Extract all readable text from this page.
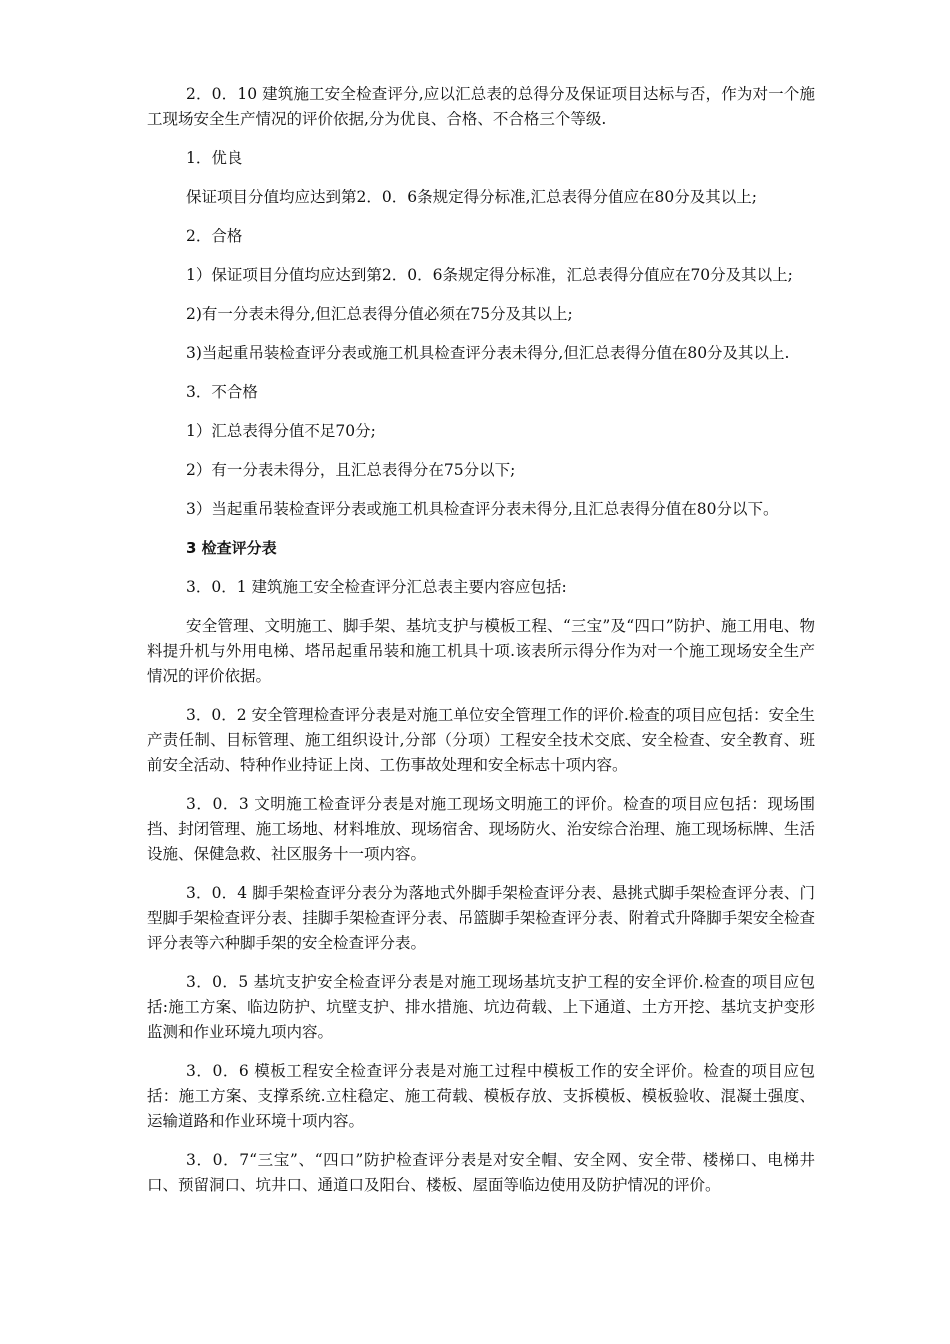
2．0．10 建筑施工安全检查评分,应以汇总表的总得分及保证项目达标与否，作为对一个施工现场安全生产情况的评价依据,分为优良、合格、不合格三个等级.

1．优良

保证项目分值均应达到第2．0．6条规定得分标准,汇总表得分值应在80分及其以上;

2．合格

1）保证项目分值均应达到第2．0．6条规定得分标准，汇总表得分值应在70分及其以上;

2)有一分表未得分,但汇总表得分值必须在75分及其以上;

3)当起重吊装检查评分表或施工机具检查评分表未得分,但汇总表得分值在80分及其以上.

3．不合格

1）汇总表得分值不足70分;

2）有一分表未得分，且汇总表得分在75分以下;

3）当起重吊装检查评分表或施工机具检查评分表未得分,且汇总表得分值在80分以下。

3 检查评分表

3．0．1 建筑施工安全检查评分汇总表主要内容应包括:

安全管理、文明施工、脚手架、基坑支护与模板工程、“三宝”及“四口”防护、施工用电、物料提升机与外用电梯、塔吊起重吊装和施工机具十项.该表所示得分作为对一个施工现场安全生产情况的评价依据。

3．0．2 安全管理检查评分表是对施工单位安全管理工作的评价.检查的项目应包括：安全生产责任制、目标管理、施工组织设计,分部（分项）工程安全技术交底、安全检查、安全教育、班前安全活动、特种作业持证上岗、工伤事故处理和安全标志十项内容。

3．0．3 文明施工检查评分表是对施工现场文明施工的评价。检查的项目应包括：现场围挡、封闭管理、施工场地、材料堆放、现场宿舍、现场防火、治安综合治理、施工现场标牌、生活设施、保健急救、社区服务十一项内容。

3．0．4 脚手架检查评分表分为落地式外脚手架检查评分表、悬挑式脚手架检查评分表、门型脚手架检查评分表、挂脚手架检查评分表、吊篮脚手架检查评分表、附着式升降脚手架安全检查评分表等六种脚手架的安全检查评分表。

3．0．5 基坑支护安全检查评分表是对施工现场基坑支护工程的安全评价.检查的项目应包括:施工方案、临边防护、坑壁支护、排水措施、坑边荷载、上下通道、土方开挖、基坑支护变形监测和作业环境九项内容。

3．0．6 模板工程安全检查评分表是对施工过程中模板工作的安全评价。检查的项目应包括：施工方案、支撑系统.立柱稳定、施工荷载、模板存放、支拆模板、模板验收、混凝土强度、运输道路和作业环境十项内容。

3．0．7“三宝”、“四口”防护检查评分表是对安全帽、安全网、安全带、楼梯口、电梯井口、预留洞口、坑井口、通道口及阳台、楼板、屋面等临边使用及防护情况的评价。
